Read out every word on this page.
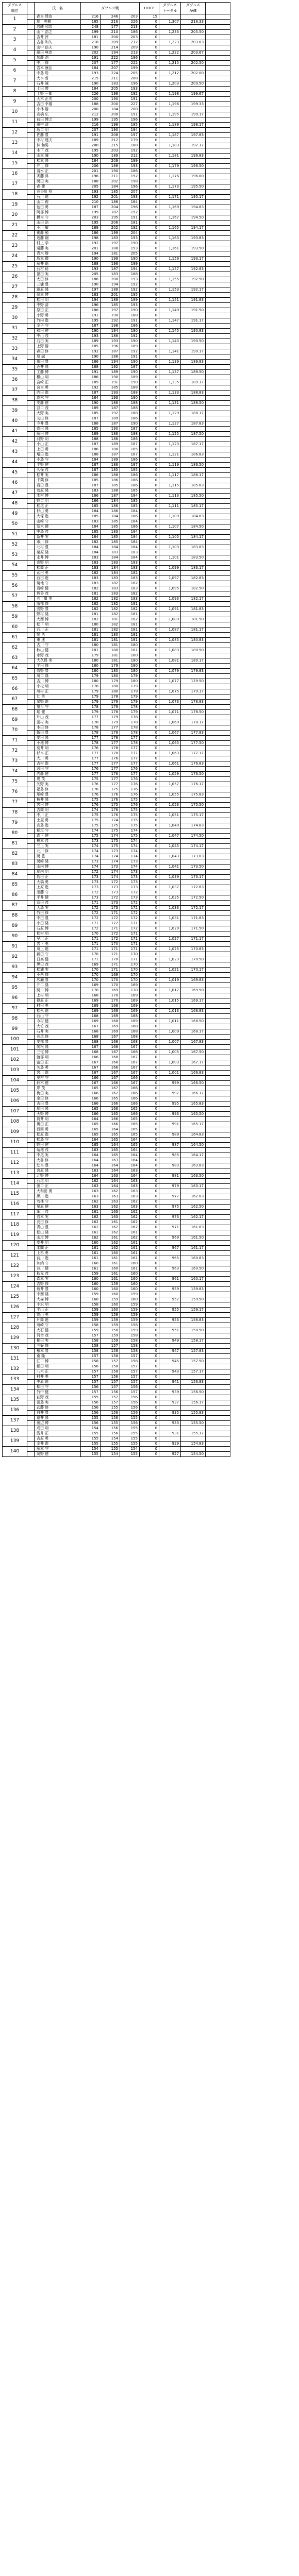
ダブルス
順位		氏　名	ダブルス戦			HDCP	ダブルス
トータル	ダブルス
AVE	
1		森本 達也	216	246	203	15			
		堀　英樹	185	216	226	0	1,307	218.33	
2		岩崎 和彦	248	177	213	0			
		山下 浩之	199	210	186	0	1,233	205.50	
3		吉井 淳	181	200	203	0			
		古谷 和久	218	209	212	0	1,223	203.83	
4		山中 信夫	190	214	209	0			
		藤田 典彦	202	194	213	0	1,222	203.67	
5		加藤 浩	191	222	196	0			
		中川 修	207	177	222	0	1,215	202.50	
6		宮本 康弘	184	207	199	0			
		中島 聡	193	224	205	0	1,212	202.00	
7		大本 哲	215	211	208	0			
		石井 誠	190	183	196	0	1,203	200.50	
8		上田 勝	184	205	193	0			
		上野 一郎	226	198	192	0	1,198	199.67	
9		大木 正夫	200	190	191	0			
		吉田 幸雄	188	200	227	0	1,196	199.33	
10		小林 勝	200	184	208	0			
		高橋 広	212	200	191	0	1,195	199.17	
11		前田 博之	199	195	196	0			
		田中 清	216	198	185	0	1,189	198.17	
12		坂口 明	207	190	194	0			
		佐藤 豊	191	208	197	0	1,187	197.83	
13		中村 達夫	189	212	179	0			
		林 和男	200	215	188	0	1,183	197.17	
14		木下 茂	195	203	192	0			
		山本 誠	190	189	212	0	1,181	196.83	
15		松本 隆	184	209	199	0			
		井上 修	206	188	193	0	1,179	196.50	
16		清水 正	201	190	186	0			
		斉藤 昇	196	211	192	0	1,176	196.00	
17		岡田 実	188	202	198	0			
		森 健	205	184	196	0	1,173	195.50	
18		長谷川 裕	193	185	207	0			
		石川 進	192	201	193	0	1,171	195.17	
19		山口 俊	210	188	184	0			
		池田 勇	187	204	196	0	1,169	194.83	
20		阿部 博	199	187	192	0			
		橋本 守	203	195	191	0	1,167	194.50	
21		山田 浩	195	206	181	0			
		小川 敏	189	202	192	0	1,165	194.17	
22		後藤 勉	186	199	204	0			
		近藤 剛	198	183	193	0	1,163	193.83	
23		村上 学	192	197	190	0			
		遠藤 実	201	188	193	0	1,161	193.50	
24		青木 勝	194	181	205	0			
		坂本 徹	190	199	190	0	1,159	193.17	
25		藤井 聡	188	196	199	0			
		西村 稔	193	187	194	0	1,157	192.83	
26		福田 実	205	183	188	0			
		太田 修	186	200	193	0	1,155	192.50	
27		三浦 豊	190	194	192	0			
		藤原 隆	197	188	192	0	1,153	192.17	
28		岡本 博	183	201	195	0			
		松田 明	194	189	189	0	1,151	191.83	
29		中野 清	196	185	193	0			
		原田 正	188	197	190	0	1,149	191.50	
30		小野 勇	191	190	188	0			
		竹内 進	195	192	191	0	1,147	191.17	
31		金子 守	187	198	186	0			
		和田 健	190	194	190	0	1,145	190.83	
32		中山 茂	193	186	192	0			
		石田 実	189	193	190	0	1,143	190.50	
33		上野 勝	185	196	189	0			
		森田 修	192	187	192	0	1,141	190.17	
34		原 誠	190	188	191	0			
		柴田 豊	186	194	190	0	1,139	189.83	
35		酒井 隆	188	192	187	0			
		工藤 博	191	189	190	0	1,137	189.50	
36		横山 明	186	190	189	0			
		宮崎 正	189	191	190	0	1,135	189.17	
37		宮本 勇	192	185	188	0			
		内田 進	187	193	188	0	1,133	188.83	
38		高木 守	184	193	190	0			
		安藤 健	190	186	188	0	1,131	188.50	
39		谷口 茂	189	187	188	0			
		大野 実	185	192	188	0	1,129	188.17	
40		丸山 修	187	189	186	0			
		今井 豊	188	187	190	0	1,127	187.83	
41		高田 隆	185	190	187	0			
		藤田 博	189	186	188	0	1,125	187.50	
42		河野 明	188	186	186	0			
		小山 正	187	189	187	0	1,123	187.17	
43		上田 勇	186	188	185	0			
		増田 進	188	187	187	0	1,121	186.83	
44		小島 守	184	189	186	0			
		平野 健	187	186	187	0	1,119	186.50	
45		久保 茂	187	185	185	0			
		松井 実	186	188	186	0	1,117	186.17	
46		千葉 修	185	186	186	0			
		岩田 豊	187	185	186	0	1,115	185.83	
47		菅原 隆	183	188	185	0			
		木村 博	186	187	184	0	1,113	185.50	
48		野口 明	186	184	185	0			
		松尾 正	185	186	185	0	1,111	185.17	
49		杉山 勇	184	186	184	0			
		大塚 進	185	184	186	0	1,109	184.83	
50		山崎 守	183	185	184	0			
		荒木 健	184	185	186	0	1,107	184.50	
51		中島 茂	185	183	184	0			
		新井 実	184	185	184	0	1,105	184.17	
52		市川 修	182	185	184	0			
		北村 豊	184	184	184	0	1,103	183.83	
53		桑原 隆	184	183	183	0			
		永井 博	183	184	184	0	1,101	183.50	
54		高野 明	183	183	183	0			
		松岡 正	183	184	183	0	1,099	183.17	
55		武田 勇	182	184	182	0			
		西田 進	183	183	183	0	1,097	182.83	
56		菊地 守	183	182	182	0			
		岩崎 健	182	183	183	0	1,095	182.50	
57		熊谷 茂	181	183	182	0			
		五十嵐 実	182	182	183	0	1,093	182.17	
58		服部 修	182	182	181	0			
		浅野 豊	182	182	182	0	1,091	181.83	
59		野村 隆	181	182	181	0			
		大西 博	182	181	182	0	1,089	181.50	
60		松下 明	180	182	181	0			
		西川 正	181	182	181	0	1,087	181.17	
61		関 勇	181	180	181	0			
		東 進	181	181	181	0	1,085	180.83	
62		古川 守	180	181	180	0			
		秋山 健	181	180	181	0	1,083	180.50	
63		水野 茂	179	181	180	0			
		大久保 実	180	181	180	0	1,081	180.17	
64		平田 修	180	179	180	0			
		菅野 豊	180	180	180	0	1,079	179.83	
65		川口 隆	179	180	179	0			
		吉川 博	180	179	180	0	1,077	179.50	
66		小松 明	178	180	179	0			
		川村 正	179	180	179	0	1,075	179.17	
67		辻 勇	179	178	179	0			
		星野 進	179	179	179	0	1,073	178.83	
68		望月 守	178	179	178	0			
		堀 健	179	178	179	0	1,071	178.50	
69		片山 茂	177	179	178	0			
		田村 実	178	179	178	0	1,069	178.17	
70		本田 修	178	177	178	0			
		飯田 豊	178	178	178	0	1,067	177.83	
71		安田 隆	177	178	177	0			
		小池 博	178	177	178	0	1,065	177.50	
72		荒井 明	176	178	177	0			
		杉本 正	177	178	177	0	1,063	177.17	
73		大川 勇	177	176	177	0			
		吉村 進	177	177	177	0	1,061	176.83	
74		沢田 守	176	177	176	0			
		内藤 健	177	176	177	0	1,059	176.50	
75		堤 茂	175	177	176	0			
		矢野 実	176	177	176	0	1,057	176.17	
76		福島 修	176	175	176	0			
		尾崎 豊	176	176	176	0	1,055	175.83	
77		桜井 隆	175	176	175	0			
		宮田 博	176	175	176	0	1,053	175.50	
78		吉岡 明	174	176	175	0			
		中川 正	175	176	175	0	1,051	175.17	
79		土屋 勇	175	174	175	0			
		高島 進	175	175	175	0	1,049	174.83	
80		稲垣 守	174	175	174	0			
		森下 健	175	174	175	0	1,047	174.50	
81		榎本 茂	173	175	174	0			
		三上 実	174	175	174	0	1,045	174.17	
82		北川 修	174	173	174	0			
		岡 豊	174	174	174	0	1,043	173.83	
83		岡崎 隆	173	174	173	0			
		山内 博	174	173	174	0	1,041	173.50	
84		堀内 明	172	174	173	0			
		島田 正	173	174	173	0	1,039	173.17	
85		大橋 勇	173	172	173	0			
		上原 進	173	173	173	0	1,037	172.83	
86		須藤 守	172	173	172	0			
		平井 健	173	172	173	0	1,035	172.50	
87		浜田 茂	171	173	172	0			
		大島 実	172	173	172	0	1,033	172.17	
88		竹田 修	172	171	172	0			
		中田 豊	172	172	172	0	1,031	171.83	
89		小田 隆	171	172	171	0			
		石原 博	172	171	172	0	1,029	171.50	
90		松村 明	170	172	171	0			
		早川 正	171	172	171	0	1,027	171.17	
91		宮下 勇	171	170	171	0			
		川上 進	171	171	171	0	1,025	170.83	
92		新田 守	170	171	170	0			
		日高 健	171	170	171	0	1,023	170.50	
93		黒田 茂	169	171	170	0			
		松浦 実	170	171	170	0	1,021	170.17	
94		小西 修	170	169	170	0			
		広瀬 豊	170	170	170	0	1,019	169.83	
95		井口 隆	169	170	169	0			
		関口 博	170	169	170	0	1,017	169.50	
96		上村 明	168	170	169	0			
		篠原 正	169	170	169	0	1,015	169.17	
97		村田 勇	169	168	169	0			
		松永 進	169	169	169	0	1,013	168.83	
98		西山 守	168	169	168	0			
		今村 健	169	168	169	0	1,011	168.50	
99		大竹 茂	167	169	168	0			
		石井 実	168	169	168	0	1,009	168.17	
100		長尾 修	168	167	168	0			
		安部 豊	168	168	168	0	1,007	167.83	
101		関根 隆	167	168	167	0			
		三宅 博	168	167	168	0	1,005	167.50	
102		渡部 明	166	168	167	0			
		富田 正	167	168	167	0	1,003	167.17	
103		矢島 勇	167	166	167	0			
		宮川 進	167	167	167	0	1,001	166.83	
104		奥村 守	166	167	166	0			
		鈴木 健	167	166	167	0	999	166.50	
105		岸 茂	165	167	166	0			
		梅田 実	166	167	166	0	997	166.17	
106		金田 修	166	165	166	0			
		古田 豊	166	166	166	0	995	165.83	
107		堀田 隆	165	166	165	0			
		天野 博	166	165	166	0	993	165.50	
108		筒井 明	164	166	165	0			
		奥田 正	165	166	165	0	991	165.17	
109		西岡 勇	165	164	165	0			
		松原 進	165	165	165	0	989	164.83	
110		松島 守	164	165	164	0			
		野田 健	165	164	165	0	987	164.50	
111		菊池 茂	163	165	164	0			
		中尾 実	164	165	164	0	985	164.17	
112		大谷 修	164	163	164	0			
		辻本 豊	164	164	164	0	983	163.83	
113		宮原 隆	163	164	163	0			
		北野 博	164	163	164	0	981	163.50	
114		西尾 明	162	164	163	0			
		田口 正	163	164	163	0	979	163.17	
115		大和田 勇	163	162	163	0			
		黒川 進	163	163	163	0	977	162.83	
116		若林 守	162	163	162	0			
		栗原 健	163	162	163	0	975	162.50	
117		細川 茂	161	163	162	0			
		岩本 実	162	163	162	0	973	162.17	
118		長田 修	162	161	162	0			
		青山 豊	162	162	162	0	971	161.83	
119		松山 隆	161	162	161	0			
		山岸 博	162	161	162	0	969	161.50	
120		安井 明	160	162	161	0			
		本間 正	161	162	161	0	967	161.17	
121		上杉 勇	161	160	161	0			
		前川 進	161	161	161	0	965	160.83	
122		加納 守	160	161	160	0			
		谷川 健	161	160	161	0	963	160.50	
123		秋元 茂	159	161	160	0			
		森本 実	160	161	160	0	961	160.17	
124		吉野 修	160	159	160	0			
		坂井 豊	160	160	160	0	959	159.83	
125		中西 隆	159	160	159	0			
		大森 博	160	159	160	0	957	159.50	
126		小沢 明	158	160	159	0			
		平山 正	159	160	159	0	955	159.17	
127		高山 勇	159	158	159	0			
		片岡 進	159	159	159	0	953	158.83	
128		川崎 守	158	159	158	0			
		大石 健	159	158	159	0	951	158.50	
129		河合 茂	157	159	158	0			
		相田 実	158	159	158	0	949	158.17	
130		三好 修	158	157	158	0			
		根本 豊	158	158	158	0	947	157.83	
131		南 隆	157	158	157	0			
		江口 博	158	157	158	0	945	157.50	
132		稲田 明	156	158	157	0			
		八木 正	157	158	157	0	943	157.17	
133		村井 勇	157	156	157	0			
		中原 進	157	157	157	0	941	156.83	
134		柳田 守	156	157	156	0			
		竹中 健	157	156	157	0	939	156.50	
135		荻野 茂	155	157	156	0			
		田島 実	156	157	156	0	937	156.17	
136		武藤 修	156	155	156	0			
		白井 豊	156	156	156	0	935	155.83	
137		福井 隆	155	156	155	0			
		田辺 博	156	155	156	0	933	155.50	
138		成田 明	154	156	155	0			
		浅井 正	155	156	155	0	931	155.17	
139		吉原 勇	155	154	155	0			
		金井 進	155	155	155	0	929	154.83	
140		藤本 守	154	155	154	0			
		岡野 健	155	154	155	0	927	154.50	
